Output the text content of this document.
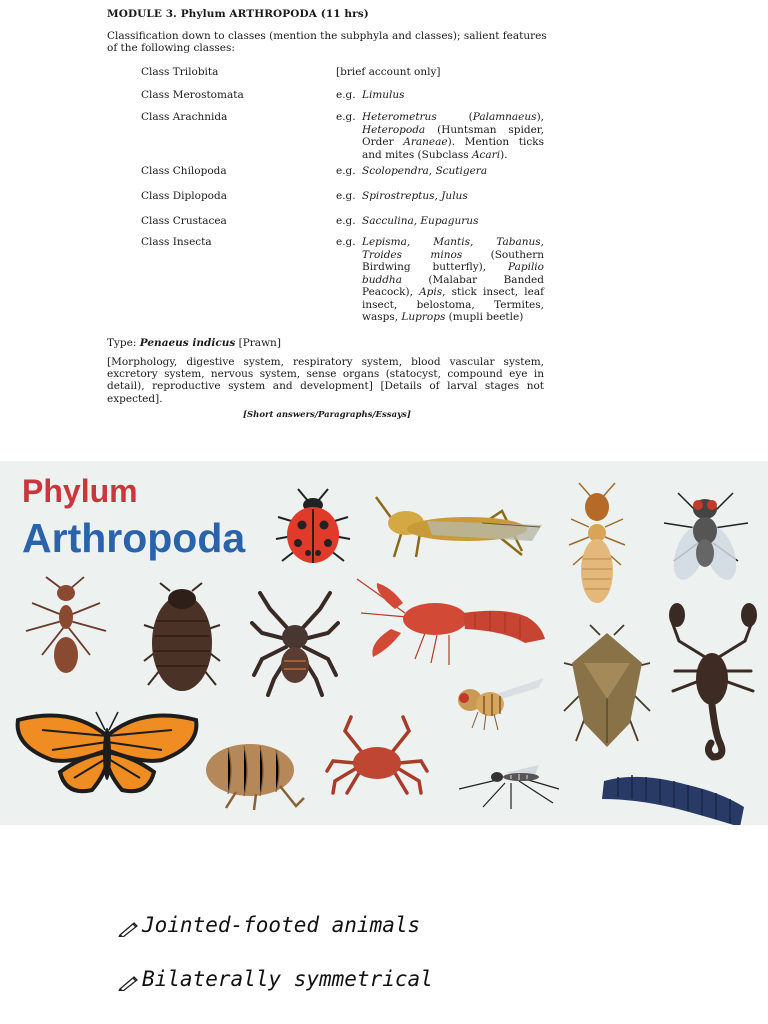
MODULE 3. Phylum ARTHROPODA (11 hrs)
Classification down to classes (mention the subphyla and classes); salient features of the following classes:
Class Trilobita	[brief account only]
Class Merostomata	e.g. Limulus
Class Arachnida	e.g. Heterometrus (Palamnaeus), Heteropoda (Huntsman spider, Order Araneae). Mention ticks and mites (Subclass Acari).
Class Chilopoda	e.g. Scolopendra, Scutigera
Class Diplopoda	e.g. Spirostreptus, Julus
Class Crustacea	e.g. Sacculina, Eupagurus
Class Insecta	e.g. Lepisma, Mantis, Tabanus, Troides minos (Southern Birdwing butterfly), Papilio buddha (Malabar Banded Peacock), Apis, stick insect, leaf insect, belostoma, Termites, wasps, Luprops (mupli beetle)
Type: Penaeus indicus [Prawn]
[Morphology, digestive system, respiratory system, blood vascular system, excretory system, nervous system, sense organs (statocyst, compound eye in detail), reproductive system and development] [Details of larval stages not expected].
[Short answers/Paragraphs/Essays]
Phylum
Arthropoda
Jointed-footed animals
Bilaterally symmetrical
